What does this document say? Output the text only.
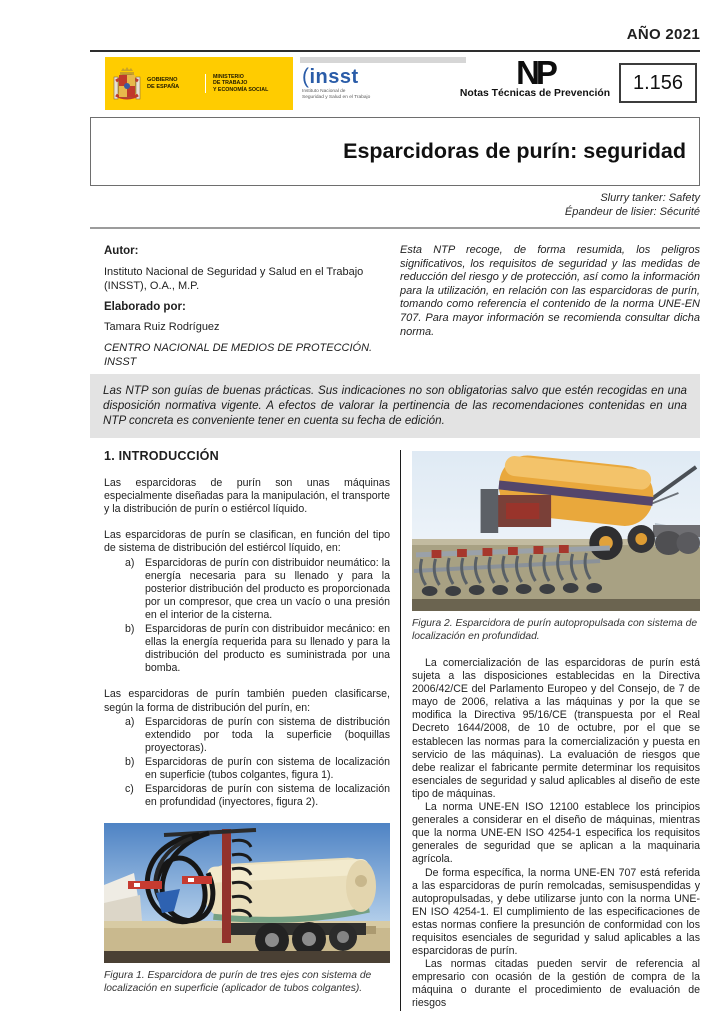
AÑO 2021
GOBIERNO
DE ESPAÑA
MINISTERIO
DE TRABAJO
Y ECONOMÍA SOCIAL
(insst
Instituto Nacional de
Seguridad y Salud en el Trabajo
NP
Notas Técnicas de Prevención	1.156
Esparcidoras de purín: seguridad
Slurry tanker: Safety
Épandeur de lisier: Sécurité

Autor:

Instituto Nacional de Seguridad y Salud en el Trabajo (INSST), O.A., M.P.

Elaborado por:

Tamara Ruiz Rodríguez

CENTRO NACIONAL DE MEDIOS DE PROTECCIÓN. INSST

Esta NTP recoge, de forma resumida, los peligros significativos, los requisitos de seguridad y las medidas de reducción del riesgo y de protección, así como la información para la utilización, en relación con las esparcidoras de purín, tomando como referencia el contenido de la norma UNE-EN 707. Para mayor información se recomienda consultar dicha norma.
Las NTP son guías de buenas prácticas. Sus indicaciones no son obligatorias salvo que estén recogidas en una disposición normativa vigente. A efectos de valorar la pertinencia de las recomendaciones contenidas en una NTP concreta es conveniente tener en cuenta su fecha de edición.
1. INTRODUCCIÓN

Las esparcidoras de purín son unas máquinas especialmente diseñadas para la manipulación, el transporte y la distribución de purín o estiércol líquido.

Las esparcidoras de purín se clasifican, en función del tipo de sistema de distribución del estiércol líquido, en:

a) Esparcidoras de purín con distribuidor neumático: la energía necesaria para su llenado y para la posterior distribución del producto es proporcionada por un compresor, que crea un vacío o una presión en el interior de la cisterna.
b) Esparcidoras de purín con distribuidor mecánico: en ellas la energía requerida para su llenado y para la distribución del producto es suministrada por una bomba.

Las esparcidoras de purín también pueden clasificarse, según la forma de distribución del purín, en:

a) Esparcidoras de purín con sistema de distribución extendido por toda la superficie (boquillas proyectoras).
b) Esparcidoras de purín con sistema de localización en superficie (tubos colgantes, figura 1).
c)	Esparcidoras de purín con sistema de localización en profundidad (inyectores, figura 2).
Figura 1. Esparcidora de purín de tres ejes con sistema de localización en superficie (aplicador de tubos colgantes).
Figura 2. Esparcidora de purín autopropulsada con sistema de localización en profundidad.

La comercialización de las esparcidoras de purín está sujeta a las disposiciones establecidas en la Directiva 2006/42/CE del Parlamento Europeo y del Consejo, de 7 de mayo de 2006, relativa a las máquinas y por la que se modifica la Directiva 95/16/CE (transpuesta por el Real Decreto 1644/2008, de 10 de octubre, por el que se establecen las normas para la comercialización y puesta en servicio de las máquinas). La evaluación de riesgos que debe realizar el fabricante permite determinar los requisitos esenciales de seguridad y salud aplicables al diseño de este tipo de máquinas.

La norma UNE-EN ISO 12100 establece los principios generales a considerar en el diseño de máquinas, mientras que la norma UNE-EN ISO 4254-1 especifica los requisitos generales de seguridad que se aplican a la maquinaria agrícola.

De forma específica, la norma UNE-EN 707 está referida a las esparcidoras de purín remolcadas, semisuspendidas y autopropulsadas, y debe utilizarse junto con la norma UNE-EN ISO 4254-1. El cumplimiento de las especificaciones de estas normas confiere la presunción de conformidad con los requisitos esenciales de seguridad y salud aplicables a las esparcidoras de purín.

Las normas citadas pueden servir de referencia al empresario con ocasión de la gestión de compra de la máquina o durante el procedimiento de evaluación de riesgos
